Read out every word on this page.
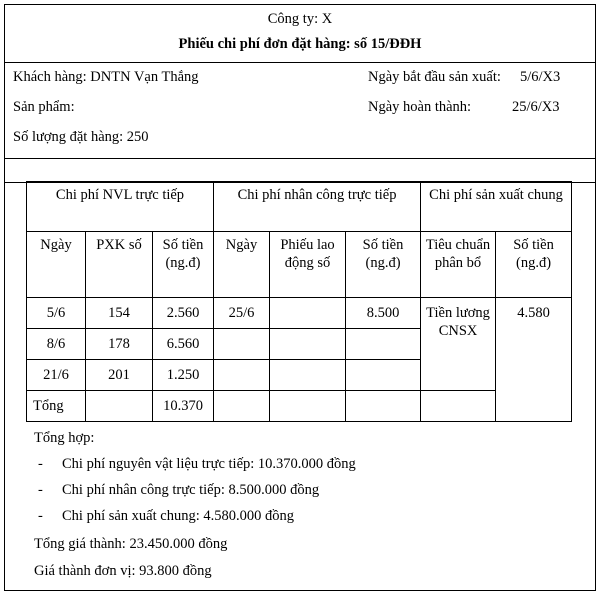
Công ty: X
Phiếu chi phí đơn đặt hàng: số 15/ĐĐH
Khách hàng: DNTN Vạn Thắng	Ngày bắt đầu sản xuất: 5/6/X3
Sản phẩm:	Ngày hoàn thành:	25/6/X3
Số lượng đặt hàng: 250
Chi phí NVL trực tiếp			Chi phí nhân công trực tiếp			Chi phí sản xuất chung	
Ngày	PXK số	Số tiền (ng.đ)	Ngày	Phiếu lao động số	Số tiền (ng.đ)	Tiêu chuẩn phân bổ	Số tiền (ng.đ)
5/6	154	2.560	25/6		8.500	Tiền lương CNSX	4.580
8/6	178	6.560					
21/6	201	1.250					
Tổng		10.370					
Tổng hợp:
- Chi phí nguyên vật liệu trực tiếp: 10.370.000 đồng
- Chi phí nhân công trực tiếp: 8.500.000 đồng
- Chi phí sản xuất chung: 4.580.000 đồng
Tổng giá thành: 23.450.000 đồng
Giá thành đơn vị: 93.800 đồng
